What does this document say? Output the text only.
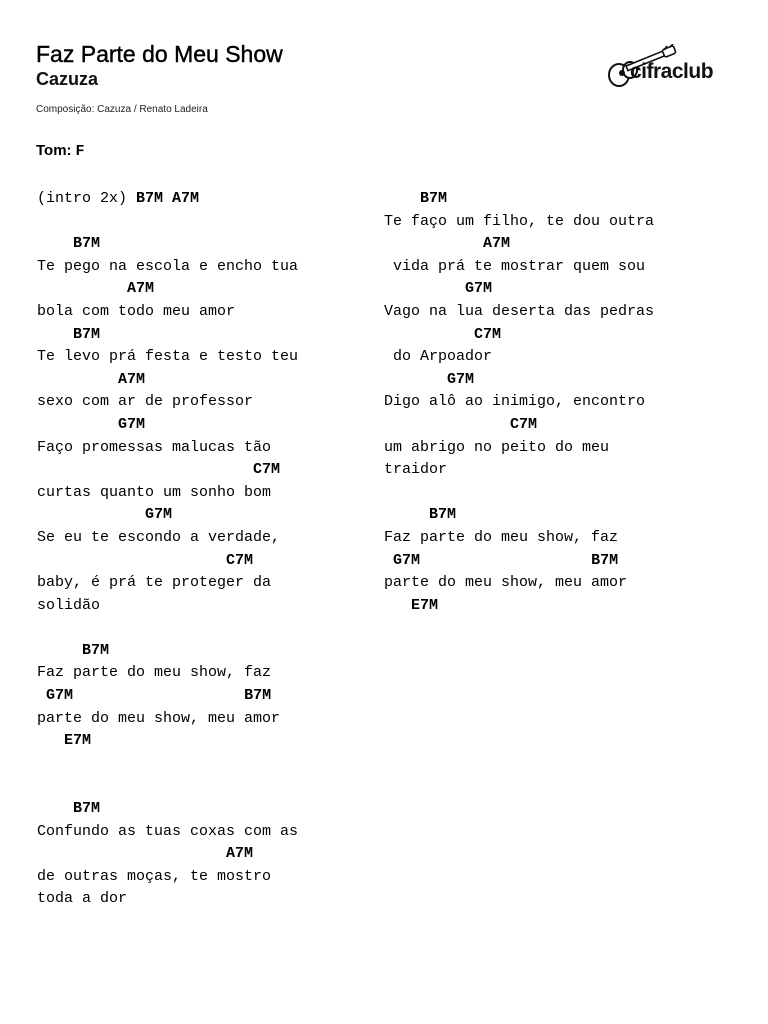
Faz Parte do Meu Show
Cazuza
Composição: Cazuza / Renato Ladeira
Tom: F
cifraclub
(intro 2x) B7M A7M
B7M
Te pego na escola e encho tua
A7M
bola com todo meu amor
B7M
Te levo prá festa e testo teu
A7M
sexo com ar de professor
G7M
Faço promessas malucas tão
C7M
curtas quanto um sonho bom
G7M
Se eu te escondo a verdade,
C7M
baby, é prá te proteger da
solidão
B7M
Faz parte do meu show, faz
G7M	B7M
parte do meu show, meu amor
E7M
B7M
Confundo as tuas coxas com as
A7M
de outras moças, te mostro
toda a dor
B7M
Te faço um filho, te dou outra
A7M
vida prá te mostrar quem sou
G7M
Vago na lua deserta das pedras
C7M
do Arpoador
G7M
Digo alô ao inimigo, encontro
C7M
um abrigo no peito do meu
traidor
B7M
Faz parte do meu show, faz
G7M	B7M
parte do meu show, meu amor
E7M
